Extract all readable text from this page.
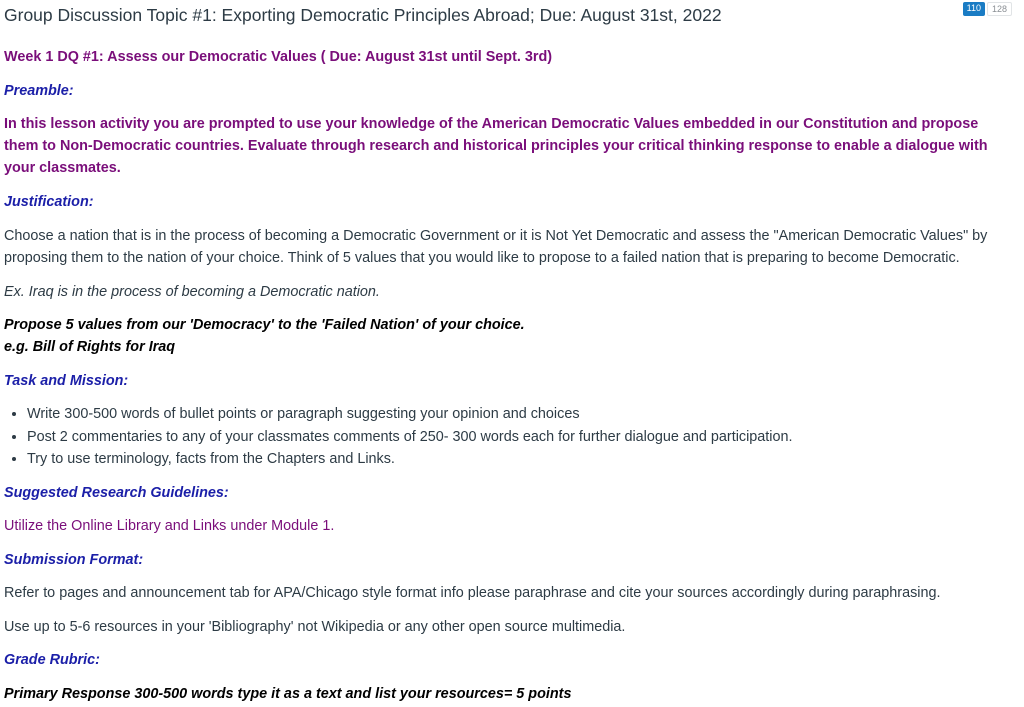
Group Discussion Topic #1: Exporting Democratic Principles Abroad; Due: August 31st, 2022	110	128
Week 1 DQ #1: Assess our Democratic Values ( Due: August 31st until Sept. 3rd)
Preamble:
In this lesson activity you are prompted to use your knowledge of the American Democratic Values embedded in our Constitution and propose them to Non-Democratic countries. Evaluate through research and historical principles your critical thinking response to enable a dialogue with your classmates.
Justification:
Choose a nation that is in the process of becoming a Democratic Government or it is Not Yet Democratic and assess the "American Democratic Values" by proposing them to the nation of your choice. Think of 5 values that you would like to propose to a failed nation that is preparing to become Democratic.
Ex. Iraq is in the process of becoming a Democratic nation.
Propose 5 values from our 'Democracy' to the 'Failed Nation' of your choice.
e.g. Bill of Rights for Iraq
Task and Mission:
• Write 300-500 words of bullet points or paragraph suggesting your opinion and choices
• Post 2 commentaries to any of your classmates comments of 250- 300 words each for further dialogue and participation.
• Try to use terminology, facts from the Chapters and Links.
Suggested Research Guidelines:
Utilize the Online Library and Links under Module 1.
Submission Format:
Refer to pages and announcement tab for APA/Chicago style format info please paraphrase and cite your sources accordingly during paraphrasing.
Use up to 5-6 resources in your 'Bibliography' not Wikipedia or any other open source multimedia.
Grade Rubric:
Primary Response 300-500 words type it as a text and list your resources= 5 points
